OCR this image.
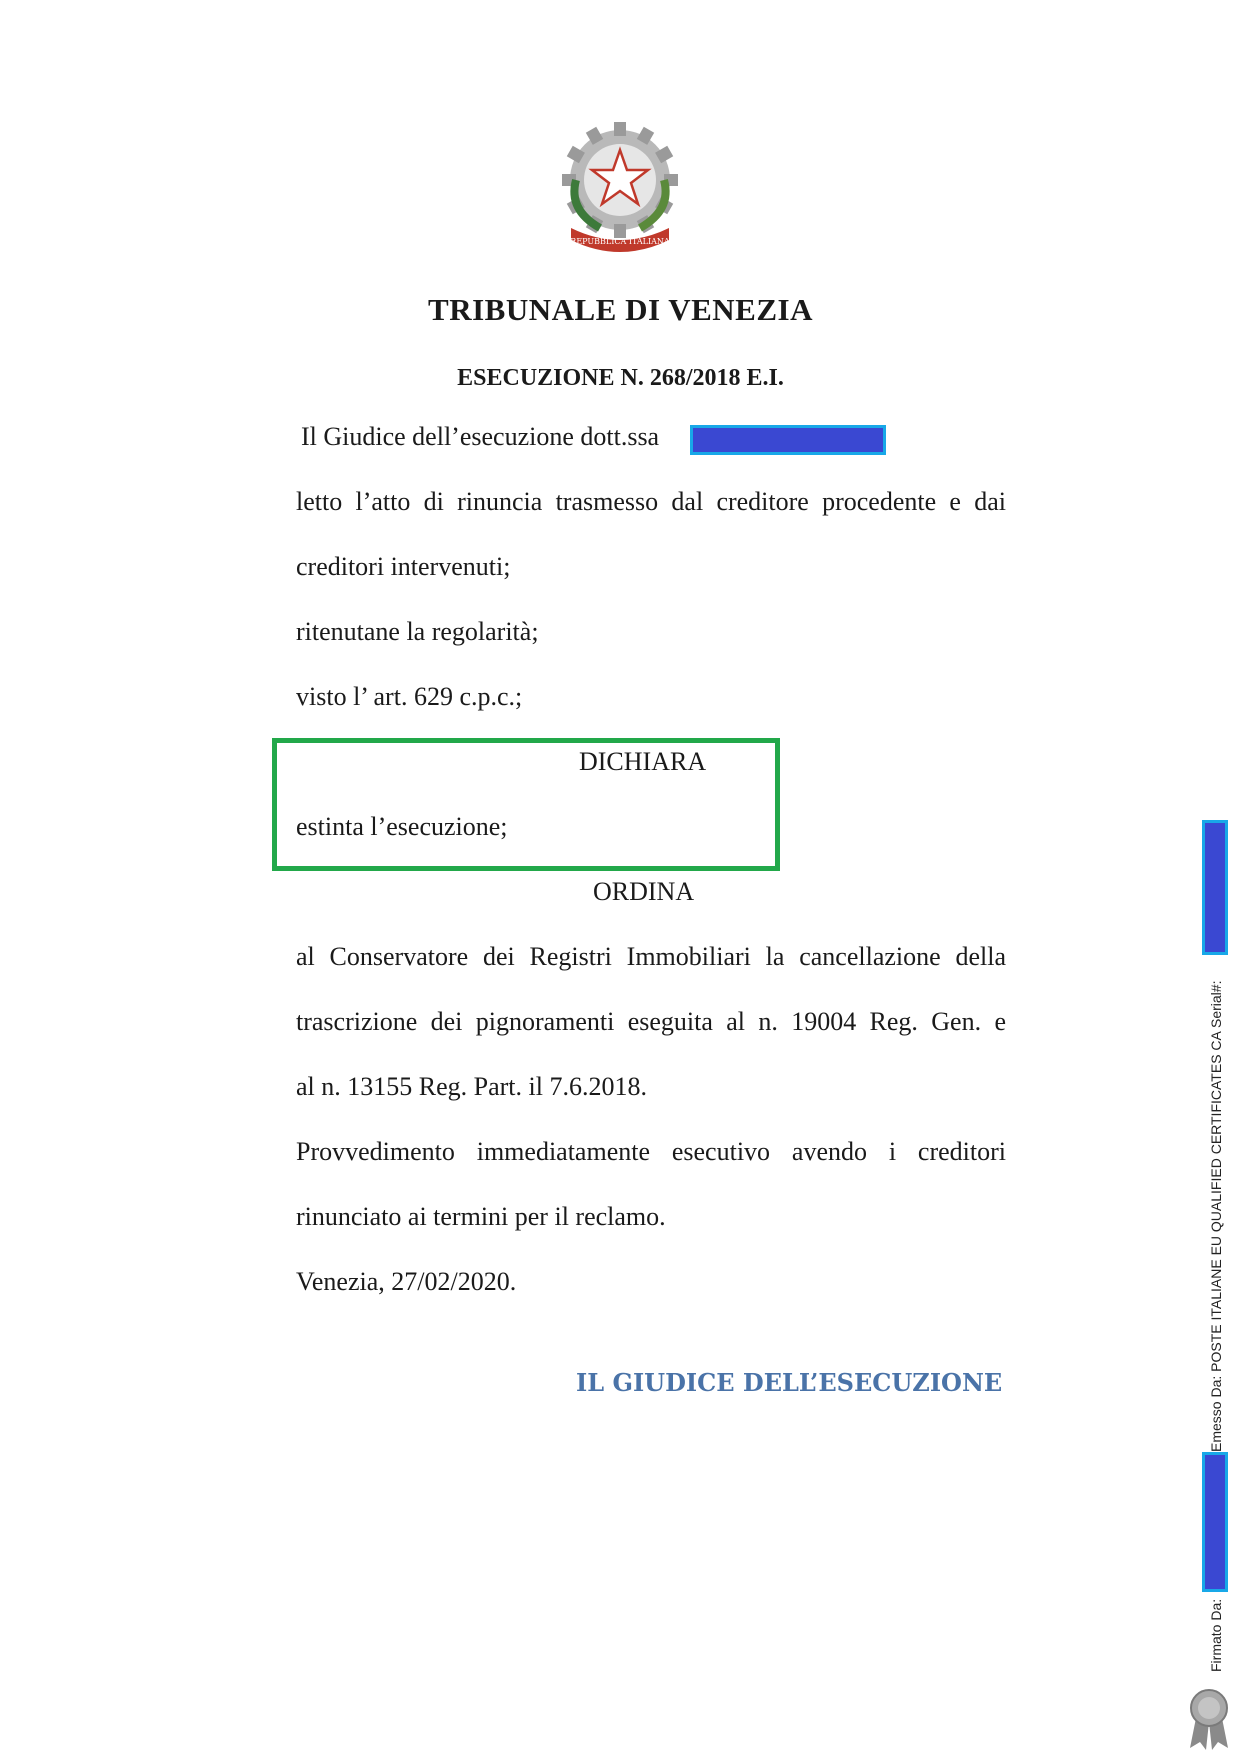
REPUBBLICA ITALIANA
TRIBUNALE DI VENEZIA
ESECUZIONE N. 268/2018 E.I.
Il Giudice dell’esecuzione dott.ssa
letto l’atto di rinuncia trasmesso dal creditore procedente e dai
creditori intervenuti;
ritenutane la regolarità;
visto l’ art. 629 c.p.c.;
DICHIARA
estinta l’esecuzione;
ORDINA
al Conservatore dei Registri Immobiliari la cancellazione della
trascrizione dei pignoramenti eseguita al n. 19004 Reg. Gen. e
al n. 13155 Reg. Part. il 7.6.2018.
Provvedimento immediatamente esecutivo avendo i creditori
rinunciato ai termini per il reclamo.
Venezia, 27/02/2020.
IL GIUDICE DELL’ESECUZIONE	Emesso Da: POSTE ITALIANE EU QUALIFIED CERTIFICATES CA Serial#:
Firmato Da:
